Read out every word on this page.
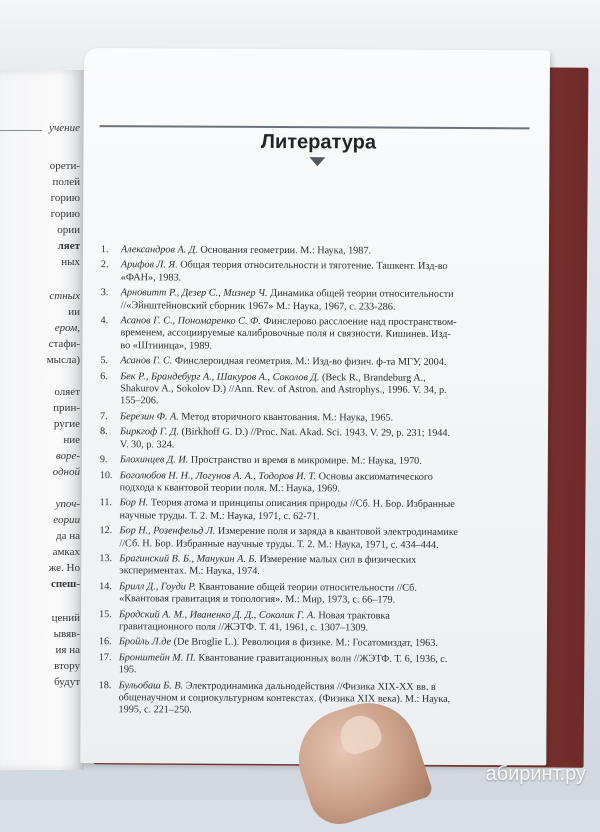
учение
орети-
полей
горию
горию
ории
ляет
ных
стных
ии
ером,
стафи-
мысла)
оляет
прин-
ругие
ние
ворe-
одной
упоч-
еории
да на
амках
же. Но
спеш-
цений
ывяв-
ия на
втору
будут
Литература
1. Александров А. Д. Основания геометрии. М.: Наука, 1987.
2. Арифов Л. Я. Общая теория относительности и тяготение. Ташкент. Изд-во «ФАН», 1983.
3. Арновитт Р., Дезер С., Мизнер Ч. Динамика общей теории относительности //«Эйнштейновский сборник 1967» М.: Наука, 1967, с. 233-286.
4. Асанов Г. С., Пономаренко С. Ф. Финслерово расслоение над пространством-временем, ассоциируемые калибровочные поля и связности. Кишинев. Изд-во «Штиинца», 1989.
5. Асанов Г. С. Финслероидная геометрия. М.: Изд-во физич. ф-та МГУ, 2004.
6. Бек Р., Брандебург А., Шакуров А., Соколов Д. (Beck R., Brandeburg A., Shakurov A., Sokolov D.) //Ann. Rev. of Astron. and Astrophys., 1996. V. 34, p. 155–206.
7. Березин Ф. А. Метод вторичного квантования. М.: Наука, 1965.
8. Биркгоф Г. Д. (Birkhoff G. D.) //Proc. Nat. Akad. Sci. 1943. V. 29, p. 231; 1944. V. 30, p. 324.
9. Блохинцев Д. И. Пространство и время в микромире. М.: Наука, 1970.
10. Боголюбов Н. Н., Логунов А. А., Тодоров И. Т. Основы аксиоматического подхода к квантовой теории поля. М.: Наука, 1969.
11. Бор Н. Теория атома и принципы описания природы //Сб. Н. Бор. Избранные научные труды. Т. 2. М.: Наука, 1971, с. 62-71.
12. Бор Н., Розенфельд Л. Измерение поля и заряда в квантовой электродинамике //Сб. Н. Бор. Избранные научные труды. Т. 2. М.: Наука, 1971, с. 434–444.
13. Брагинский В. Б., Манукин А. Б. Измерение малых сил в физических экспериментах. М.: Наука, 1974.
14. Брилл Д., Гоуди Р. Квантование общей теории относительности //Сб. «Квантовая гравитация и топология». М.: Мир, 1973, с. 66–179.
15. Бродский А. М., Иваненко Д. Д., Соколик Г. А. Новая трактовка гравитационного поля //ЖЭТФ. Т. 41, 1961, с. 1307–1309.
16. Бройль Л.де (De Broglie L.). Революция в физике. М.: Госатомиздат, 1963.
17. Бронштейн М. П. Квантование гравитационных волн //ЖЭТФ. Т. 6, 1936, с. 195.
18. Бульобаш Б. В. Электродинамика дальнодействия //Физика XIX-XX вв. в общенаучном и социокультурном контекстах. (Физика XIX века). М.: Наука, 1995, с. 221–250.
абиринт.ру
